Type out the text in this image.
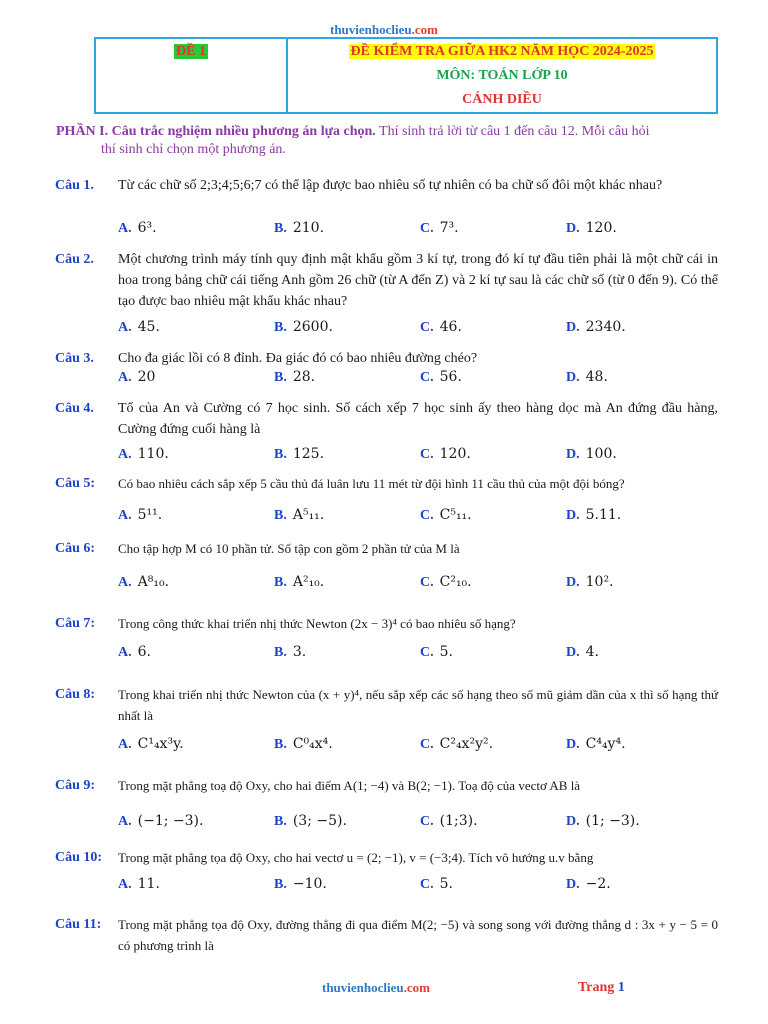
thuvienhoclieu.com
ĐỀ 1	ĐỀ KIỂM TRA GIỮA HK2 NĂM HỌC 2024-2025
MÔN: TOÁN LỚP 10
CÁNH DIỀU
PHẦN I. Câu trắc nghiệm nhiều phương án lựa chọn. Thí sinh trả lời từ câu 1 đến câu 12. Mỗi câu hỏi
thí sinh chỉ chọn một phương án.
Câu 1. Từ các chữ số 2;3;4;5;6;7 có thể lập được bao nhiêu số tự nhiên có ba chữ số đôi một khác nhau?
A. 6³.	B. 210.	C. 7³.	D. 120.
Câu 2. Một chương trình máy tính quy định mật khẩu gồm 3 kí tự, trong đó kí tự đầu tiên phải là một chữ cái in hoa trong bảng chữ cái tiếng Anh gồm 26 chữ (từ A đến Z) và 2 kí tự sau là các chữ số (từ 0 đến 9). Có thể tạo được bao nhiêu mật khẩu khác nhau?
A. 45.	B. 2600.	C. 46.	D. 2340.
Câu 3. Cho đa giác lồi có 8 đỉnh. Đa giác đó có bao nhiêu đường chéo?
A. 20	B. 28.	C. 56.	D. 48.
Câu 4. Tổ của An và Cường có 7 học sinh. Số cách xếp 7 học sinh ấy theo hàng dọc mà An đứng đầu hàng, Cường đứng cuối hàng là
A. 110.	B. 125.	C. 120.	D. 100.
Câu 5: Có bao nhiêu cách sắp xếp 5 cầu thủ đá luân lưu 11 mét từ đội hình 11 cầu thủ của một đội bóng?
A. 5¹¹.	B. A⁵₁₁.	C. C⁵₁₁.	D. 5.11.
Câu 6: Cho tập hợp M có 10 phần tử. Số tập con gồm 2 phần tử của M là
A. A⁸₁₀.	B. A²₁₀.	C. C²₁₀.	D. 10².
Câu 7: Trong công thức khai triển nhị thức Newton (2x − 3)⁴ có bao nhiêu số hạng?
A. 6.	B. 3.	C. 5.	D. 4.
Câu 8: Trong khai triển nhị thức Newton của (x + y)⁴, nếu sắp xếp các số hạng theo số mũ giảm dần của x thì số hạng thứ nhất là
A. C¹₄x³y.	B. C⁰₄x⁴.	C. C²₄x²y².	D. C⁴₄y⁴.
Câu 9: Trong mặt phẳng toạ độ Oxy, cho hai điểm A(1; −4) và B(2; −1). Toạ độ của vectơ AB là
A. (−1; −3).	B. (3; −5).	C. (1;3).	D. (1; −3).
Câu 10: Trong mặt phẳng tọa độ Oxy, cho hai vectơ u = (2; −1), v = (−3;4). Tích vô hướng u.v bằng
A. 11.	B. −10.	C. 5.	D. −2.
Câu 11: Trong mặt phẳng tọa độ Oxy, đường thẳng đi qua điểm M(2; −5) và song song với đường thẳng d : 3x + y − 5 = 0 có phương trình là
thuvienhoclieu.com	Trang 1
